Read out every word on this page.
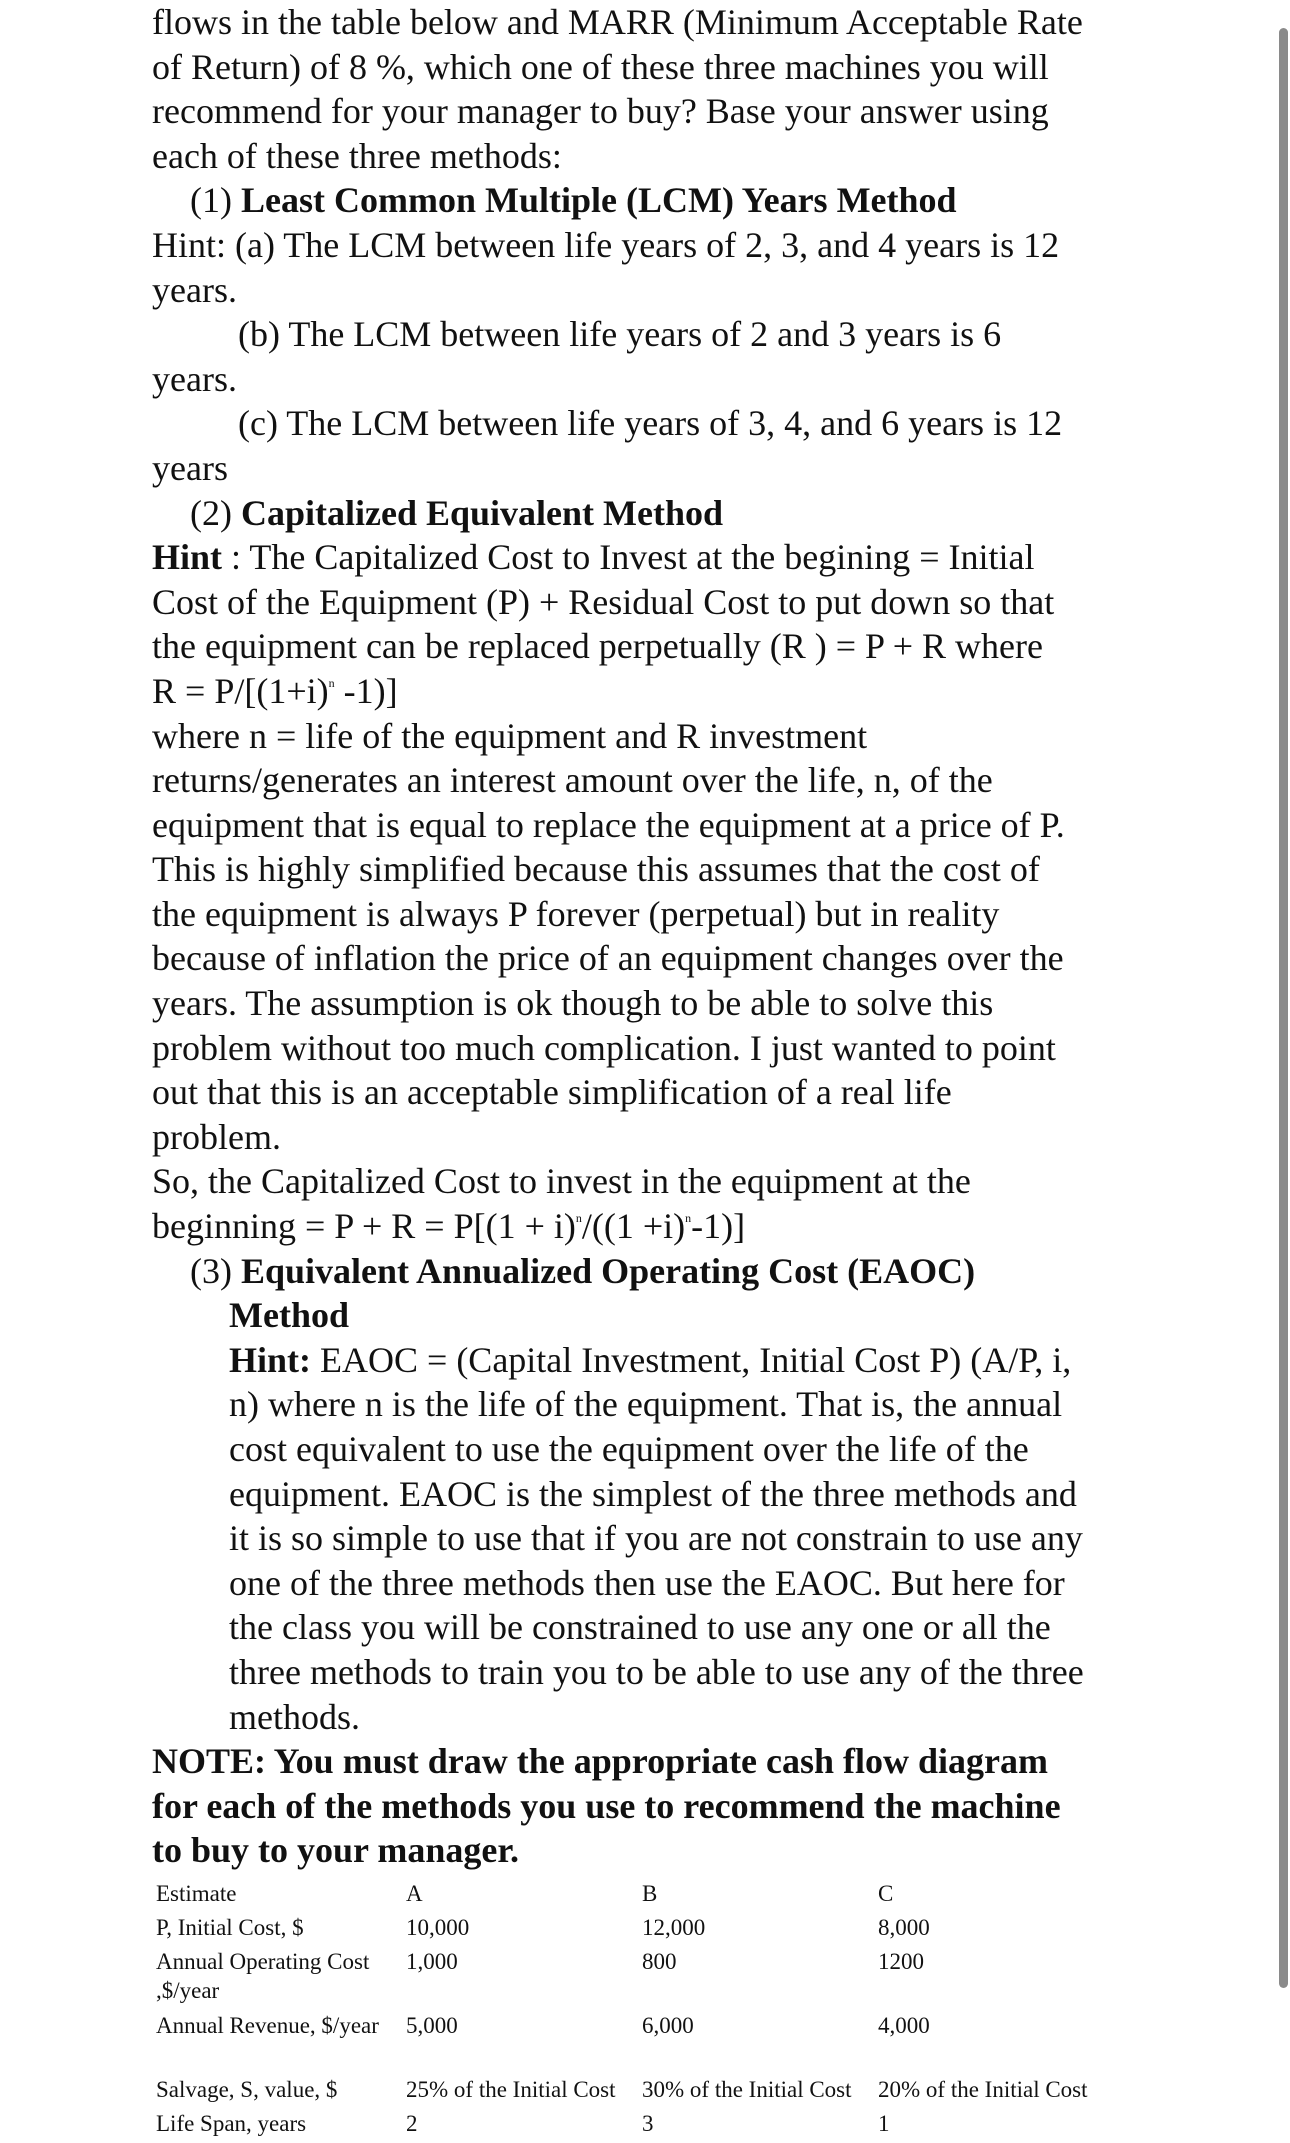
flows in the table below and MARR (Minimum Acceptable Rate

of Return) of 8 %, which one of these three machines you will

recommend for your manager to buy? Base your answer using

each of these three methods:

(1) Least Common Multiple (LCM) Years Method

Hint: (a) The LCM between life years of 2, 3, and 4 years is 12

years.

(b) The LCM between life years of 2 and 3 years is 6

years.

(c) The LCM between life years of 3, 4, and 6 years is 12

years

(2) Capitalized Equivalent Method

Hint : The Capitalized Cost to Invest at the begining = Initial

Cost of the Equipment (P) + Residual Cost to put down so that

the equipment can be replaced perpetually (R ) = P + R where

$R = P/[(1+i)^n$ -1)]

where n = life of the equipment and R investment

returns/generates an interest amount over the life, n, of the

equipment that is equal to replace the equipment at a price of P.

This is highly simplified because this assumes that the cost of

the equipment is always P forever (perpetual) but in reality

because of inflation the price of an equipment changes over the

years. The assumption is ok though to be able to solve this

problem without too much complication. I just wanted to point

out that this is an acceptable simplification of a real life

problem.

So, the Capitalized Cost to invest in the equipment at the

beginning = $P + R = P[(1 + i)^n/((1 +i)^n-1)]$

(3) Equivalent Annualized Operating Cost (EAOC)

Method

Hint: EAOC = (Capital Investment, Initial Cost P) (A/P, i,

n) where n is the life of the equipment. That is, the annual

cost equivalent to use the equipment over the life of the

equipment. EAOC is the simplest of the three methods and

it is so simple to use that if you are not constrain to use any

one of the three methods then use the EAOC. But here for

the class you will be constrained to use any one or all the

three methods to train you to be able to use any of the three

methods.

NOTE: You must draw the appropriate cash flow diagram

for each of the methods you use to recommend the machine

to buy to your manager.

Estimate	A	B	C
P, Initial Cost, $	10,000	12,000	8,000
Annual Operating Cost ,$/year	1,000	800	1200
Annual Revenue, $/year	5,000	6,000	4,000
Salvage, S, value, $	25% of the Initial Cost	30% of the Initial Cost	20% of the Initial Cost
Life Span, years	2	3	1
